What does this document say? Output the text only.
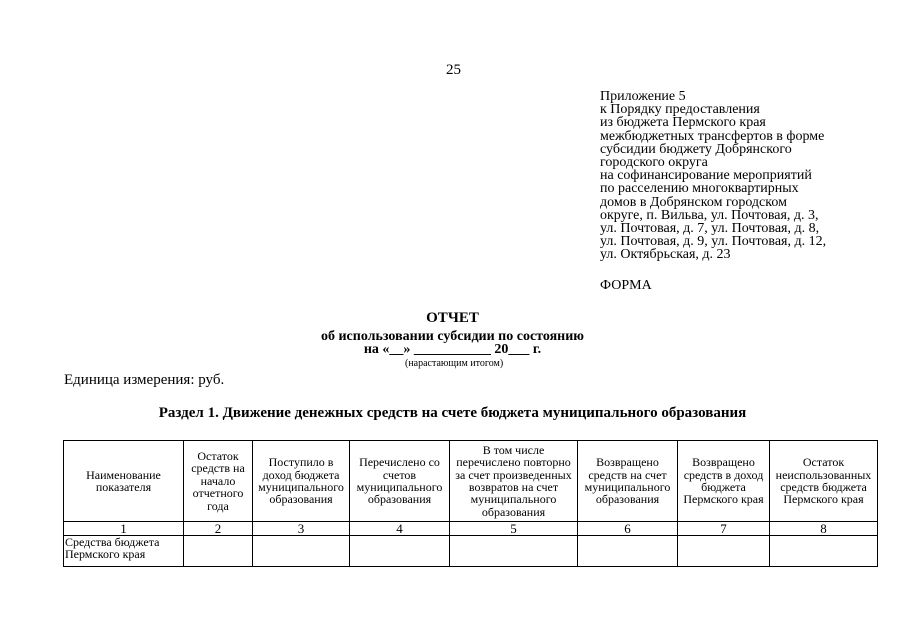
25
Приложение 5
к Порядку предоставления
из бюджета Пермского края
межбюджетных трансфертов в форме
субсидии бюджету Добрянского
городского округа
на софинансирование мероприятий
по расселению многоквартирных
домов в Добрянском городском
округе, п. Вильва, ул. Почтовая, д. 3,
ул. Почтовая, д. 7, ул. Почтовая, д. 8,
ул. Почтовая, д. 9, ул. Почтовая, д. 12,
ул. Октябрьская, д. 23
ФОРМА
ОТЧЕТ
об использовании субсидии по состоянию
на «__» ___________ 20___ г.
(нарастающим итогом)
Единица измерения: руб.
Раздел 1. Движение денежных средств на счете бюджета муниципального образования
Наименование показателя	Остаток средств на начало отчетного года	Поступило в доход бюджета муниципального образования	Перечислено со счетов муниципального образования	В том числе перечислено повторно за счет произведенных возвратов на счет муниципального образования	Возвращено средств на счет муниципального образования	Возвращено средств в доход бюджета Пермского края	Остаток неиспользованных средств бюджета Пермского края
1	2	3	4	5	6	7	8
Средства бюджета Пермского края							
